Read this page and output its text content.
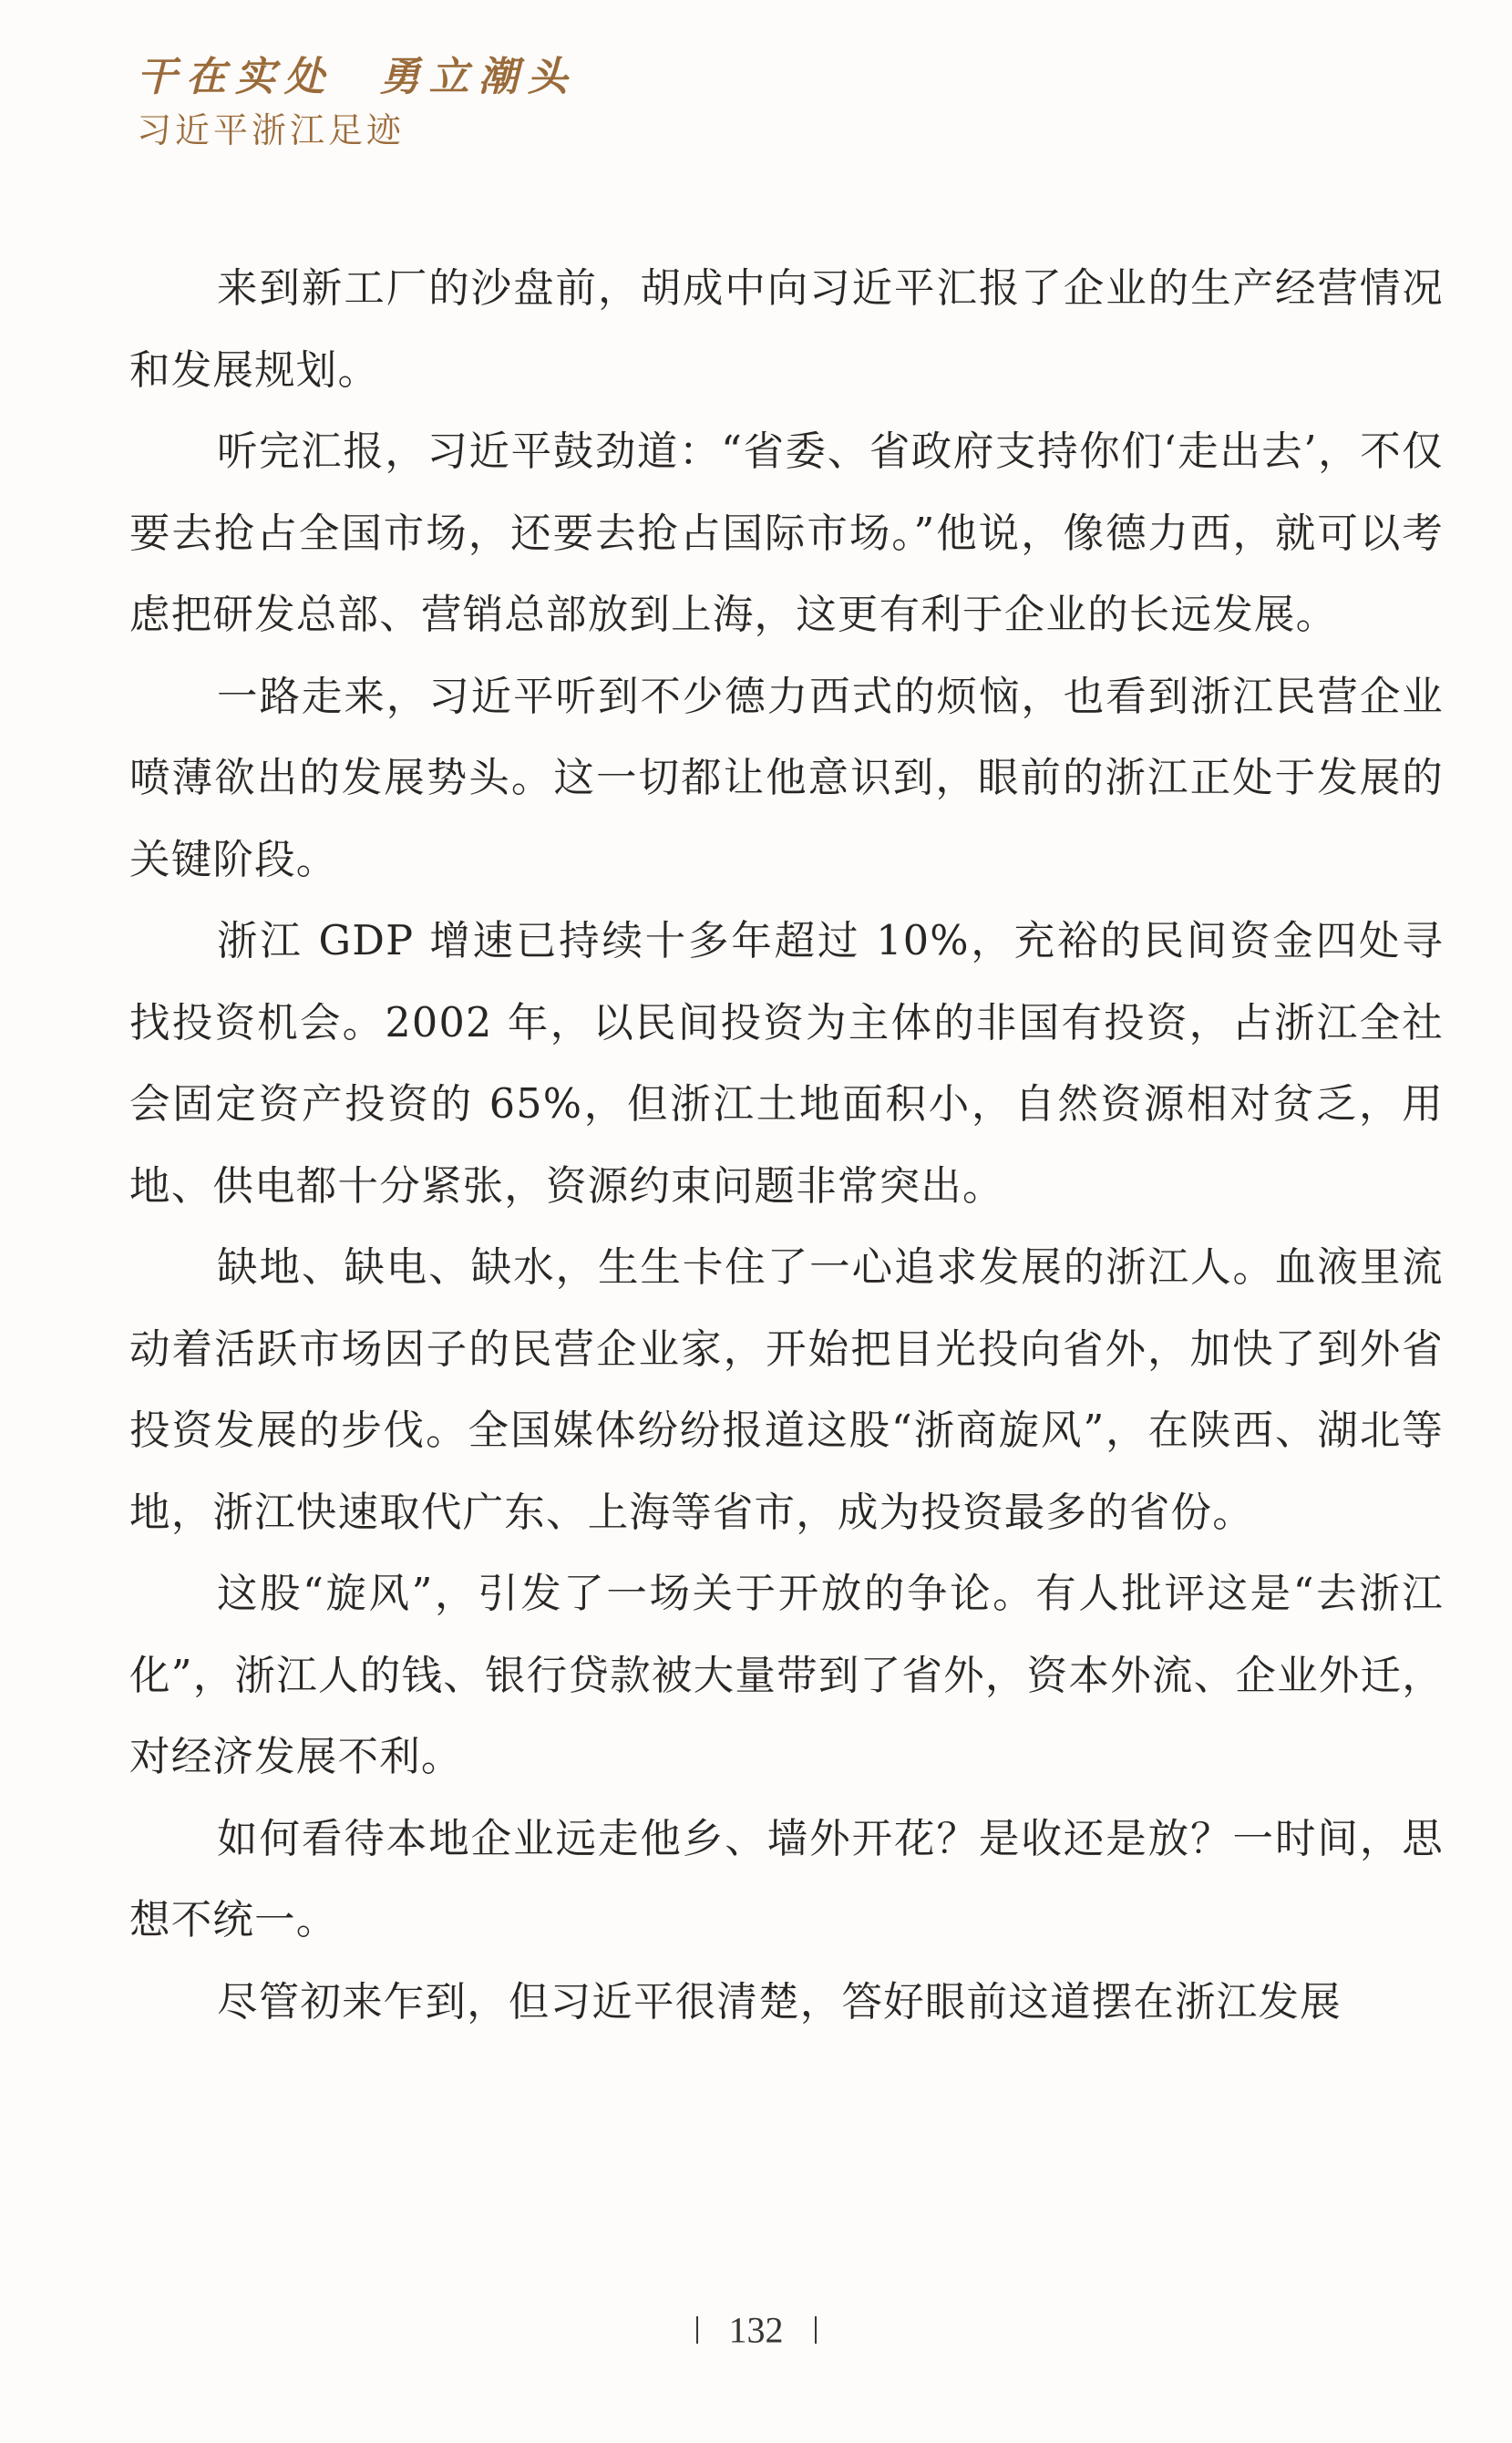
干在实处  勇立潮头
习近平浙江足迹

来到新工厂的沙盘前，胡成中向习近平汇报了企业的生产经营情况和发展规划。

听完汇报，习近平鼓劲道：“省委、省政府支持你们‘走出去’，不仅要去抢占全国市场，还要去抢占国际市场。”他说，像德力西，就可以考虑把研发总部、营销总部放到上海，这更有利于企业的长远发展。

一路走来，习近平听到不少德力西式的烦恼，也看到浙江民营企业喷薄欲出的发展势头。这一切都让他意识到，眼前的浙江正处于发展的关键阶段。

浙江 GDP 增速已持续十多年超过 10%，充裕的民间资金四处寻找投资机会。2002 年，以民间投资为主体的非国有投资，占浙江全社会固定资产投资的 65%，但浙江土地面积小，自然资源相对贫乏，用地、供电都十分紧张，资源约束问题非常突出。

缺地、缺电、缺水，生生卡住了一心追求发展的浙江人。血液里流动着活跃市场因子的民营企业家，开始把目光投向省外，加快了到外省投资发展的步伐。全国媒体纷纷报道这股“浙商旋风”，在陕西、湖北等地，浙江快速取代广东、上海等省市，成为投资最多的省份。

这股“旋风”，引发了一场关于开放的争论。有人批评这是“去浙江化”，浙江人的钱、银行贷款被大量带到了省外，资本外流、企业外迁，对经济发展不利。

如何看待本地企业远走他乡、墙外开花？是收还是放？一时间，思想不统一。

尽管初来乍到，但习近平很清楚，答好眼前这道摆在浙江发展

132
